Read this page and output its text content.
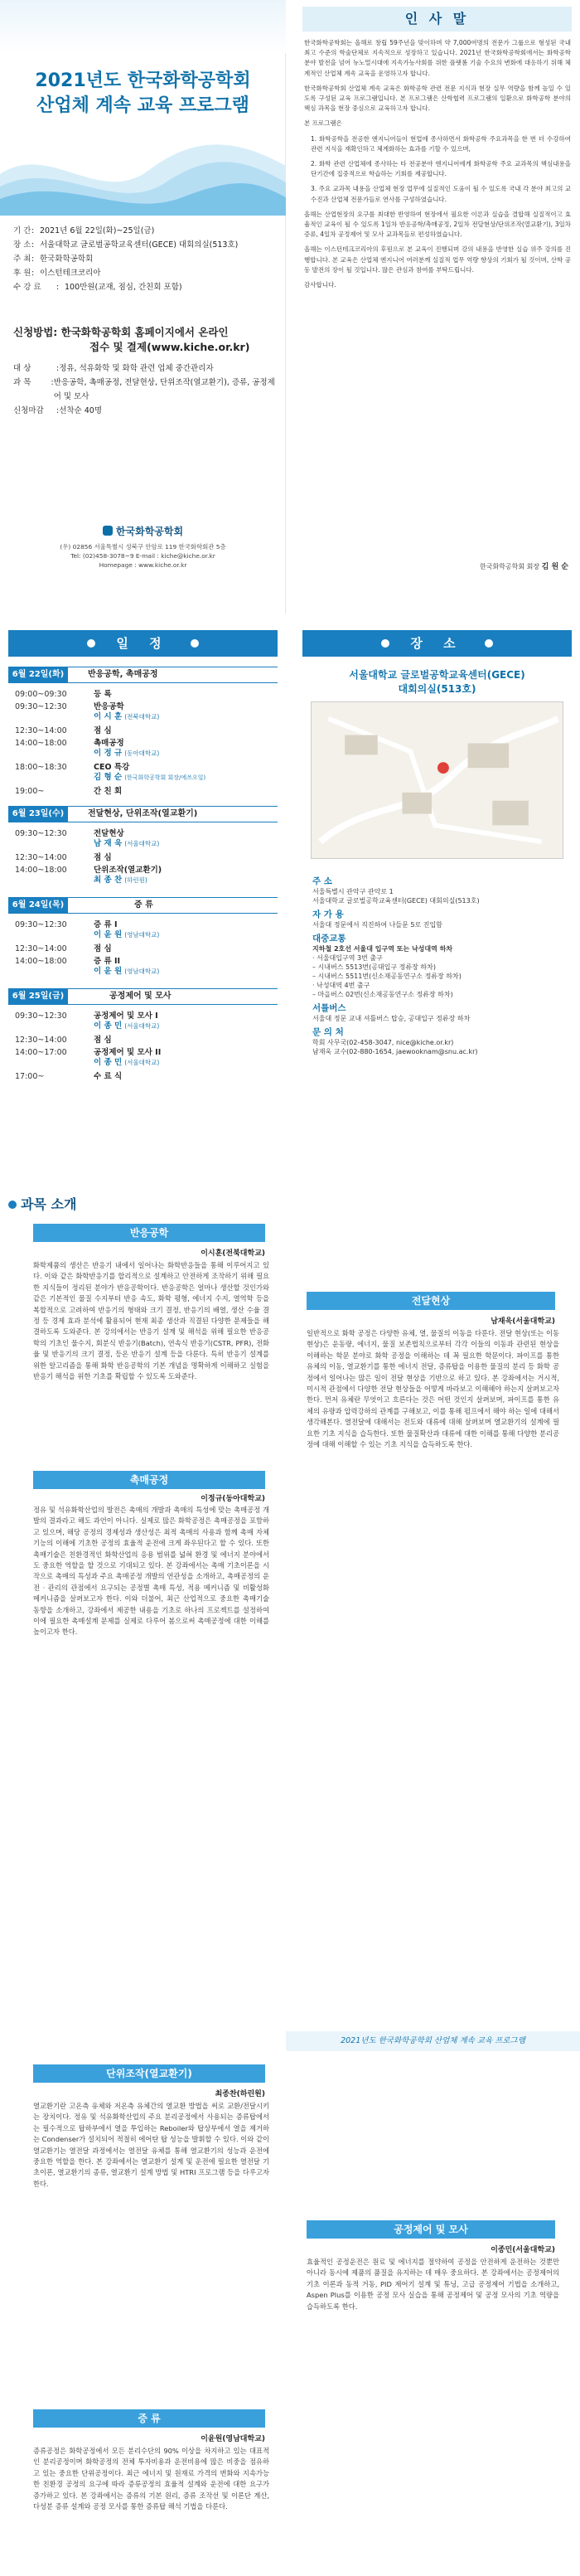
2021년도 한국화학공학회
산업체 계속 교육 프로그램
기 간 : 2021년 6월 22일(화)~25일(금)
장 소 : 서울대학교 글로벌공학교육센터(GECE) 대회의실(513호)
주 최 : 한국화학공학회
후 원 : 이스턴테크코리아
수 강 료	: 100만원(교재, 점심, 간친회 포함)
신청방법: 한국화학공학회 홈페이지에서 온라인
접수 및 결제(www.kiche.or.kr)
대 상	: 정유, 석유화학 및 화학 관련 업체 중간관리자
과 목	: 반응공학, 촉매공정, 전달현상, 단위조작(열교환기), 증류, 공정제어 및 모사
신청마감	: 선착순 40명
한국화학공학회
(우) 02856 서울특별시 성북구 안암로 119 한국화학회관 5층
Tel: (02)458-3078~9 E-mail : kiche@kiche.or.kr
Homepage : www.kiche.or.kr
인 사 말

한국화학공학회는 올해로 창립 59주년을 맞이하며 약 7,000여명의 전문가 그룹으로 형성된 국내 최고 수준의 학술단체로 지속적으로 성장하고 있습니다. 2021년 한국화학공학회에서는 화학공학 분야 발전을 넘어 뉴노멀시대에 지속가능사회를 위한 플랫폼 기술 수요의 변화에 대응하기 위해 체계적인 산업체 계속 교육을 운영하고자 합니다.

한국화학공학회 산업체 계속 교육은 화학공학 관련 전문 지식과 현장 실무 역량을 함께 높일 수 있도록 구성된 교육 프로그램입니다. 본 프로그램은 산학협력 프로그램의 일환으로 화학공학 분야의 핵심 과목을 현장 중심으로 교육하고자 합니다.

본 프로그램은

1. 화학공학을 전공한 엔지니어들이 현업에 종사하면서 화학공학 주요과목을 한 번 더 수강하여 관련 지식을 재확인하고 체계화하는 효과를 기할 수 있으며,

2. 화학 관련 산업체에 종사하는 타 전공분야 엔지니어에게 화학공학 주요 교과목의 핵심내용을 단기간에 집중적으로 학습하는 기회를 제공합니다.

3. 주요 교과목 내용을 산업체 현장 업무에 실질적인 도움이 될 수 있도록 국내 각 분야 최고의 교수진과 산업체 전문가들로 연사를 구성하였습니다.

올해는 산업현장의 요구를 최대한 반영하여 현장에서 필요한 이론과 실습을 결합해 실질적이고 효율적인 교육이 될 수 있도록 1일차 반응공학/촉매공정, 2일차 전달현상/단위조작(열교환기), 3일차 증류, 4일차 공정제어 및 모사 교과목들로 편성하였습니다.

올해는 이스턴테크코리아의 후원으로 본 교육이 진행되며 강의 내용을 반영한 실습 위주 강의를 진행합니다. 본 교육은 산업체 엔지니어 여러분께 실질적 업무 역량 향상의 기회가 될 것이며, 산학 공동 발전의 장이 될 것입니다. 많은 관심과 참여를 부탁드립니다.

감사합니다.

한국화학공학회 회장 김 원 순
일 정
6월 22일(화)	반응공학, 촉매공정
09:00~09:30	등 록
09:30~12:30	반응공학
이 시 훈 (전북대학교)
12:30~14:00	점 심
14:00~18:00	촉매공정
이 정 규 (동아대학교)
18:00~18:30	CEO 특강
김 형 순 (한국화학공학회 회장/에쓰오일)
19:00~	간 친 회
6월 23일(수)	전달현상, 단위조작(열교환기)
09:30~12:30	전달현상
남 재 욱 (서울대학교)
12:30~14:00	점 심
14:00~18:00	단위조작(열교환기)
최 종 찬 (하린원)
6월 24일(목)	증 류
09:30~12:30	증 류 I
이 윤 원 (영남대학교)
12:30~14:00	점 심
14:00~18:00	증 류 II
이 윤 원 (영남대학교)
6월 25일(금)	공정제어 및 모사
09:30~12:30	공정제어 및 모사 I
이 종 민 (서울대학교)
12:30~14:00	점 심
14:00~17:00	공정제어 및 모사 II
이 종 민 (서울대학교)
17:00~	수 료 식
장 소
서울대학교 글로벌공학교육센터(GECE)
대회의실(513호)
주 소
서울특별시 관악구 관악로 1
서울대학교 글로벌공학교육센터(GECE) 대회의실(513호)
자 가 용
서울대 정문에서 직진하여 나들문 5로 진입함
대중교통
지하철 2호선 서울대 입구역 또는 낙성대역 하차
· 서울대입구역 3번 출구
– 시내버스 5513번(공대입구 정류장 하차)
– 시내버스 5511번(신소재공동연구소 정류장 하차)
· 낙성대역 4번 출구
– 마을버스 02번(신소재공동연구소 정류장 하차)
서틀버스
서울대 정문 교내 셔틀버스 탑승, 공대입구 정류장 하차
문 의 처
학회 사무국(02-458-3047, nice@kiche.or.kr)
남재욱 교수(02-880-1654, jaewooknam@snu.ac.kr)
과목 소개
반응공학
이시훈(전북대학교)
화학제품의 생산은 반응기 내에서 일어나는 화학반응들을 통해 이루어지고 있다. 이와 같은 화학반응기를 합리적으로 설계하고 안전하게 조작하기 위해 필요한 지식들이 정리된 분야가 반응공학이다. 반응공학은 얼마나 생산할 것인가와 같은 기본적인 물질 수지부터 반응 속도, 화학 평형, 에너지 수지, 열역학 등을 복합적으로 고려하여 반응기의 형태와 크기 결정, 반응기의 배열, 생산 수율 결정 등 경제 효과 분석에 활용되어 현재 최종 생산과 직결된 다양한 문제들을 해결하도록 도와준다. 본 강의에서는 반응기 설계 및 해석을 위해 필요한 반응공학의 기초인 물수지, 회분식 반응기(Batch), 연속식 반응기(CSTR, PFR), 전화율 및 반응기의 크기 결정, 등온 반응기 설계 등을 다룬다. 특히 반응기 설계를 위한 알고리즘을 통해 화학 반응공학의 기본 개념을 명확하게 이해하고 실험을 반응기 해석을 위한 기초를 확립할 수 있도록 도와준다.
촉매공정
이정규(동아대학교)
정유 및 석유화학산업의 발전은 촉매의 개발과 촉매의 특성에 맞는 촉매공정 개발의 결과라고 해도 과언이 아니다. 실제로 많은 화학공정은 촉매공정을 포함하고 있으며, 해당 공정의 경제성과 생산성은 최적 촉매의 사용과 함께 촉매 자체 기능의 이해에 기초한 공정의 효율적 운전에 크게 좌우된다고 할 수 있다. 또한 촉매기술은 친환경적인 화학산업의 응용 범위를 넓혀 환경 및 에너지 분야에서도 중요한 역할을 할 것으로 기대되고 있다. 본 강좌에서는 촉매 기초이론을 시작으로 촉매의 특성과 주요 촉매공정 개발의 연관성을 소개하고, 촉매공정의 운전 · 관리의 관점에서 요구되는 공정별 촉매 특성, 적용 메커니즘 및 비활성화 메커니즘을 살펴보고자 한다. 이와 더불어, 최근 산업적으로 중요한 촉매기술 동향을 소개하고, 강좌에서 제공한 내용을 기초로 하나의 프로젝트를 설정하여 이에 필요한 촉매설계 문제를 실제로 다루어 봄으로써 촉매공정에 대한 이해를 높이고자 한다.
전달현상
남재욱(서울대학교)
일반적으로 화학 공정은 다양한 유체, 열, 물질의 이동을 다룬다. 전달 현상(또는 이동현상)은 운동량, 에너지, 물질 보존법칙으로부터 각각 이들의 이동과 관련된 현상을 이해하는 학문 분야로 화학 공정을 이해하는 데 꼭 필요한 학문이다. 파이프를 통한 유체의 이동, 열교환기를 통한 에너지 전달, 증류탑을 이용한 물질의 분리 등 화학 공정에서 일어나는 많은 일이 전달 현상을 기반으로 하고 있다. 본 강좌에서는 거시적, 미시적 관점에서 다양한 전달 현상들을 어떻게 바라보고 이해해야 하는지 살펴보고자 한다. 먼저 유체란 무엇이고 흐른다는 것은 어떤 것인지 살펴보며, 파이프를 통한 유체의 유량과 압력강하의 관계를 구해보고, 이를 통해 펌프에서 해야 하는 일에 대해서 생각해본다. 열전달에 대해서는 전도와 대류에 대해 살펴보며 열교환기의 설계에 필요한 기초 지식을 습득한다. 또한 물질확산과 대류에 대한 이해를 통해 다양한 분리공정에 대해 이해할 수 있는 기초 지식을 습득하도록 한다.
2021년도 한국화학공학회 산업체 계속 교육 프로그램
단위조작(열교환기)
최종찬(하린원)
열교환기란 고온측 유체와 저온측 유체간의 열교환 방법을 써로 교환/전달시키는 장치이다. 정유 및 석유화학산업의 주요 분리공정에서 사용되는 증류탑에서는 필수적으로 탑하부에서 열을 투입하는 Reboiler와 탑상부에서 열을 제거하는 Condenser가 설치되어 적절히 에어탄 탑 성능을 발휘할 수 있다. 이와 같이 열교환기는 열전달 과정에서는 열전달 유체를 통해 열교환기의 성능과 운전에 중요한 역할을 한다. 본 강좌에서는 열교환기 설계 및 운전에 필요한 열전달 기초이론, 열교환기의 종류, 열교환기 설계 방법 및 HTRI 프로그램 등을 다루고자 한다.
증 류
이윤원(영남대학교)
증류공정은 화학공정에서 모든 분리수단의 90% 이상을 차지하고 있는 대표적인 분리공정이며 화학공정의 전체 투자비용과 운전비용에 많은 비중을 점유하고 있는 중요한 단위공정이다. 최근 에너지 및 원재료 가격의 변화와 지속가능한 친환경 공정의 요구에 따라 증류공정의 효율적 설계와 운전에 대한 요구가 증가하고 있다. 본 강좌에서는 증류의 기본 원리, 증류 조작선 및 이론단 계산, 다성분 증류 설계와 공정 모사를 통한 증류탑 해석 기법을 다룬다.
공정제어 및 모사
이종민(서울대학교)
효율적인 공정운전은 원료 및 에너지를 절약하여 공정을 안전하게 운전하는 것뿐만 아니라 동시에 제품의 품질을 유지하는 데 매우 중요하다. 본 강좌에서는 공정제어의 기초 이론과 동적 거동, PID 제어기 설계 및 튜닝, 고급 공정제어 기법을 소개하고, Aspen Plus를 이용한 공정 모사 실습을 통해 공정제어 및 공정 모사의 기초 역량을 습득하도록 한다.
